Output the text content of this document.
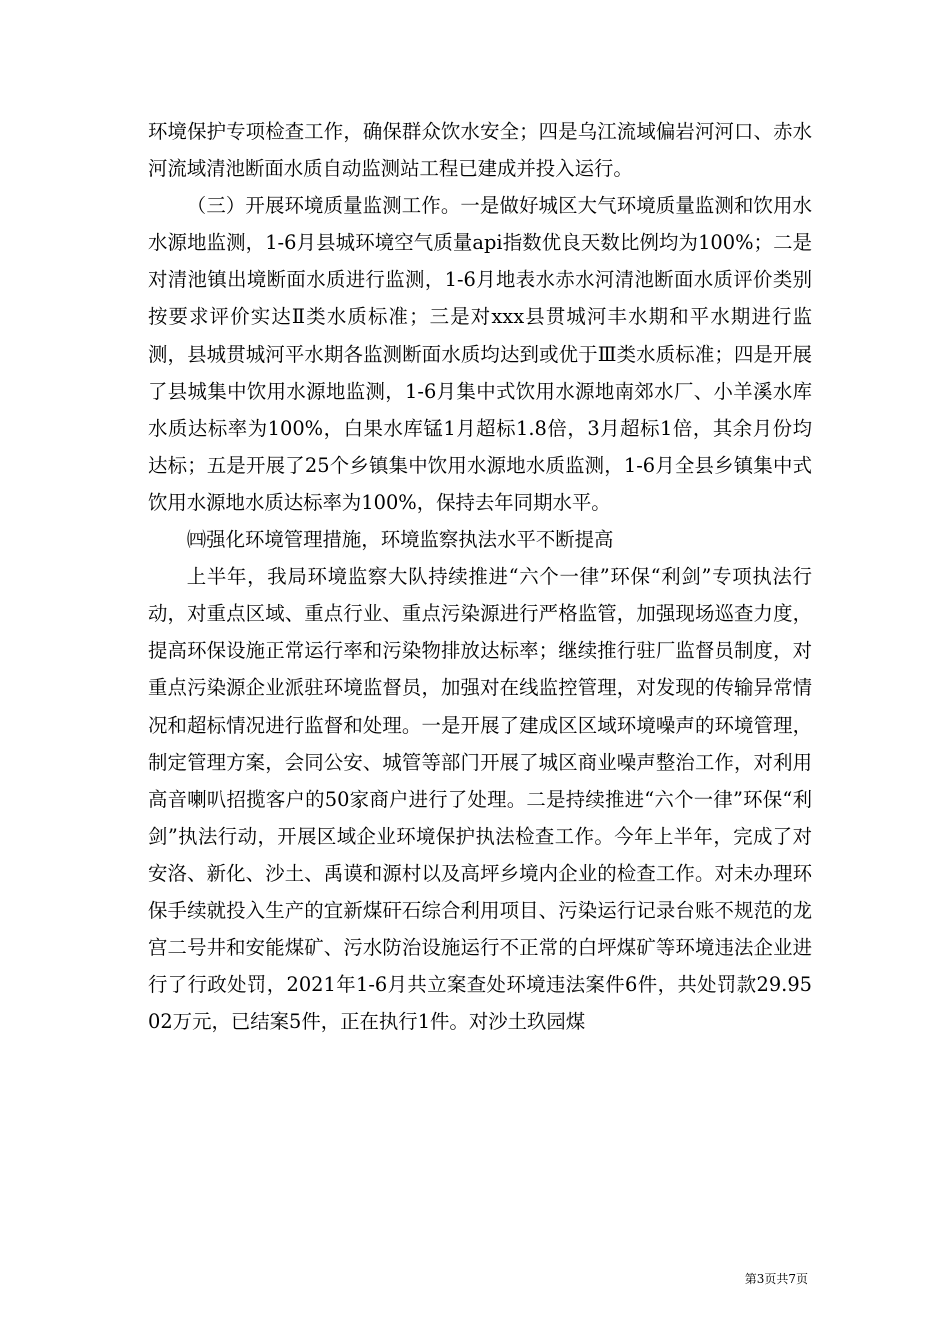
环境保护专项检查工作，确保群众饮水安全；四是乌江流域偏岩河河口、赤水河流域清池断面水质自动监测站工程已建成并投入运行。

（三）开展环境质量监测工作。一是做好城区大气环境质量监测和饮用水水源地监测，1-6月县城环境空气质量api指数优良天数比例均为100%；二是对清池镇出境断面水质进行监测，1-6月地表水赤水河清池断面水质评价类别按要求评价实达Ⅱ类水质标准；三是对xxx县贯城河丰水期和平水期进行监测，县城贯城河平水期各监测断面水质均达到或优于Ⅲ类水质标准；四是开展了县城集中饮用水源地监测，1-6月集中式饮用水源地南郊水厂、小羊溪水库水质达标率为100%，白果水库锰1月超标1.8倍，3月超标1倍，其余月份均达标；五是开展了25个乡镇集中饮用水源地水质监测，1-6月全县乡镇集中式饮用水源地水质达标率为100%，保持去年同期水平。

㈣强化环境管理措施，环境监察执法水平不断提高

上半年，我局环境监察大队持续推进“六个一律”环保“利剑”专项执法行动，对重点区域、重点行业、重点污染源进行严格监管，加强现场巡查力度，提高环保设施正常运行率和污染物排放达标率；继续推行驻厂监督员制度，对重点污染源企业派驻环境监督员，加强对在线监控管理，对发现的传输异常情况和超标情况进行监督和处理。一是开展了建成区区域环境噪声的环境管理，制定管理方案，会同公安、城管等部门开展了城区商业噪声整治工作，对利用高音喇叭招揽客户的50家商户进行了处理。二是持续推进“六个一律”环保“利剑”执法行动，开展区域企业环境保护执法检查工作。今年上半年，完成了对安洛、新化、沙土、禹谟和源村以及高坪乡境内企业的检查工作。对未办理环保手续就投入生产的宜新煤矸石综合利用项目、污染运行记录台账不规范的龙宫二号井和安能煤矿、污水防治设施运行不正常的白坪煤矿等环境违法企业进行了行政处罚，2021年1-6月共立案查处环境违法案件6件，共处罚款29.9502万元，已结案5件，正在执行1件。对沙土玖园煤

第3页共7页
